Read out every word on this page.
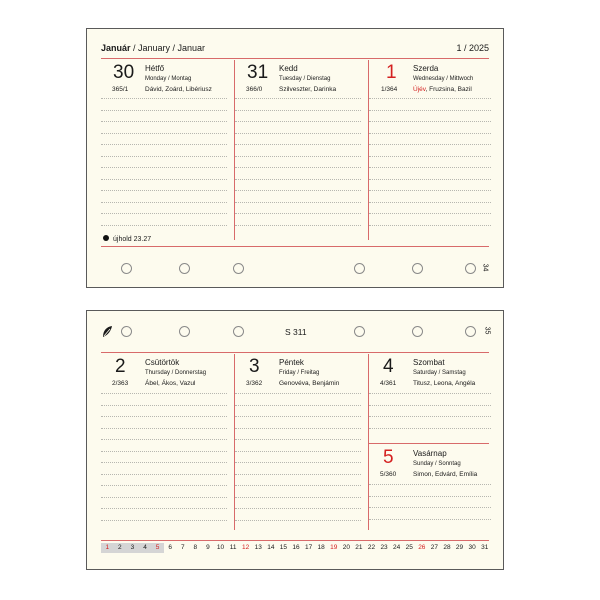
Január / January / Januar	1 / 2025
30 Hétfő
Monday / Montag
365/1	Dávid, Zoárd, Libériusz
31 Kedd
Tuesday / Dienstag
366/0	Szilveszter, Darinka
1 Szerda
Wednesday / Mittwoch
1/364 Újév, Fruzsina, Bazil
újhold 23.27
34
S 311	35
2 Csütörtök
Thursday / Donnerstag
2/363	Ábel, Ákos, Vazul
3 Péntek
Friday / Freitag
3/362	Genovéva, Benjámin
4 Szombat
Saturday / Samstag
4/361	Titusz, Leona, Angéla
5 Vasárnap
Sunday / Sonntag
5/360	Simon, Edvárd, Emília
1	2	3	4	5	6	7	8	9	10 11 12 13 14 15 16 17 18 19 20 21 22 23 24 25 26 27 28 29 30 31
